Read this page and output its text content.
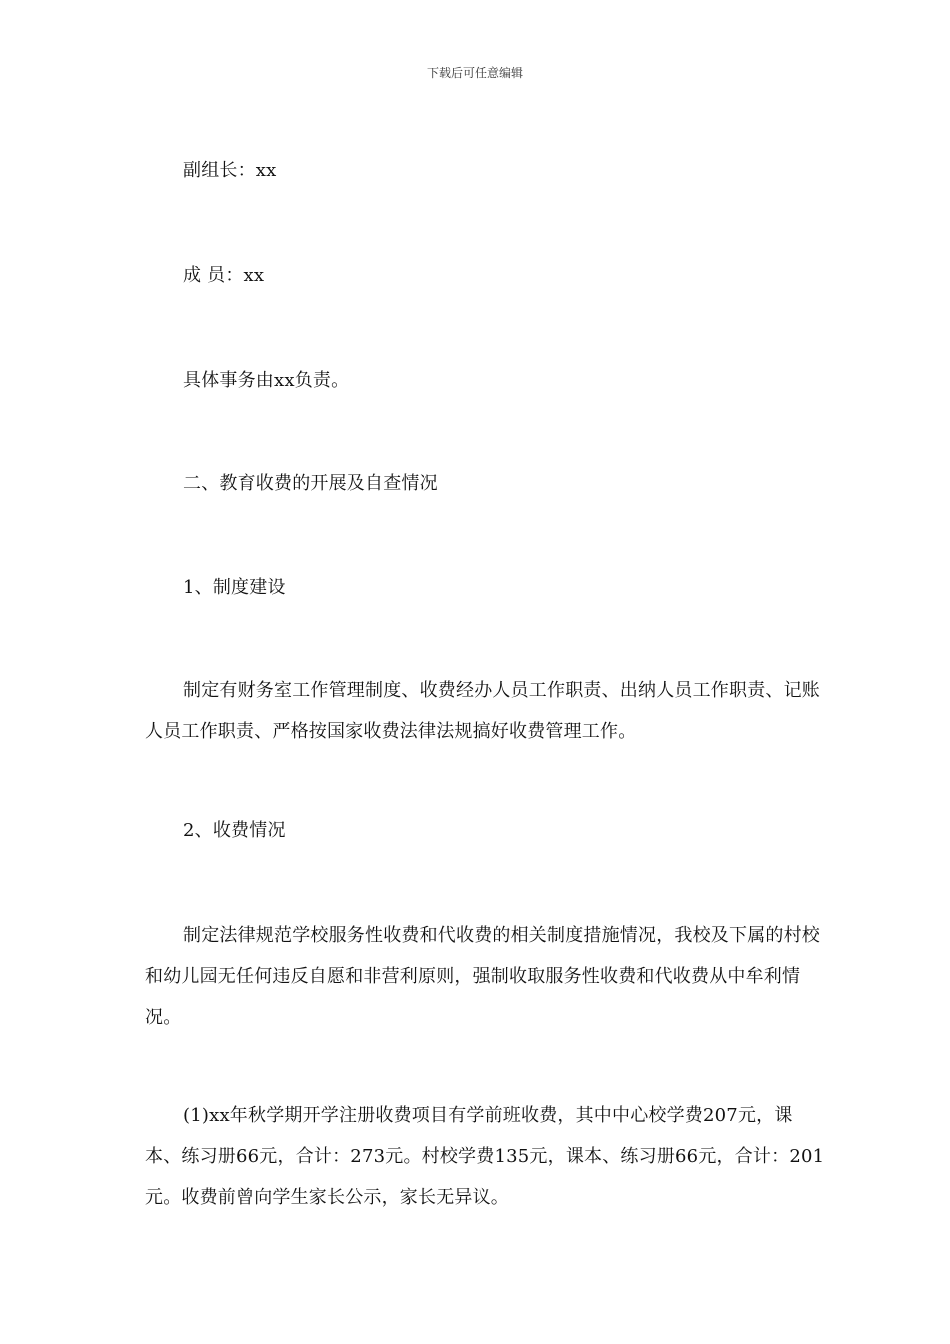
下载后可任意编辑

副组长：xx

成 员：xx

具体事务由xx负责。

二、教育收费的开展及自查情况

1、制度建设

制定有财务室工作管理制度、收费经办人员工作职责、出纳人员工作职责、记账人员工作职责、严格按国家收费法律法规搞好收费管理工作。

2、收费情况

制定法律规范学校服务性收费和代收费的相关制度措施情况，我校及下属的村校和幼儿园无任何违反自愿和非营利原则，强制收取服务性收费和代收费从中牟利情况。

(1)xx年秋学期开学注册收费项目有学前班收费，其中中心校学费207元，课本、练习册66元，合计：273元。村校学费135元，课本、练习册66元，合计：201元。收费前曾向学生家长公示，家长无异议。
